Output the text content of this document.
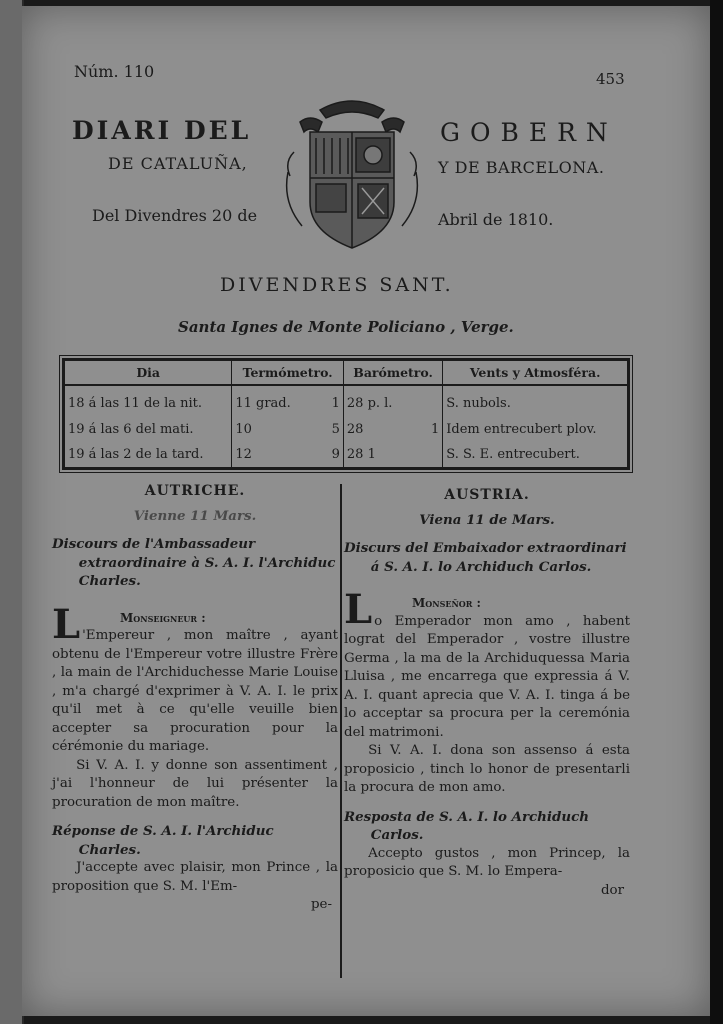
Núm. 110	453
DIARI DEL	GOBERN
DE CATALUÑA,	Y DE BARCELONA.
Del Divendres 20 de	Abril de 1810.
DIVENDRES SANT.
Santa Ignes de Monte Policiano , Verge.
Dia	Termómetro.		Barómetro.		Vents y Atmosféra.
18 á las 11 de la nit.	11 grad.	1	28 p. l.		S. nubols.
19 á las 6 del mati.	10	5	28	1	Idem entrecubert plov.
19 á las 2 de la tard.	12	9	28 1		S. S. E. entrecubert.
AUTRICHE.
Vienne 11 Mars.
Discours de l'Ambassadeur extraordinaire à S. A. I. l'Archiduc Charles.
L	Monseigneur :
'Empereur , mon maître , ayant obtenu de l'Empereur votre illustre Frère , la main de l'Archiduchesse Marie Louise , m'a chargé d'exprimer à V. A. I. le prix qu'il met à ce qu'elle veuille bien accepter sa procuration pour la cérémonie du mariage.
Si V. A. I. y donne son assentiment , j'ai l'honneur de lui présenter la procuration de mon maître.
Réponse de S. A. I. l'Archiduc Charles.
J'accepte avec plaisir, mon Prince , la proposition que S. M. l'Em-
pe-
AUSTRIA.
Viena 11 de Mars.
Discurs del Embaixador extraordinari á S. A. I. lo Archiduch Carlos.
L	Monseñor :
o Emperador mon amo , habent lograt del Emperador , vostre illustre Germa , la ma de la Archiduquessa Maria Lluisa , me encarrega que expressia á V. A. I. quant aprecia que V. A. I. tinga á be lo acceptar sa procura per la ceremónia del matrimoni.
Si V. A. I. dona son assenso á esta proposicio , tinch lo honor de presentarli la procura de mon amo.
Resposta de S. A. I. lo Archiduch Carlos.
Accepto gustos , mon Princep, la proposicio que S. M. lo Empera-
dor
